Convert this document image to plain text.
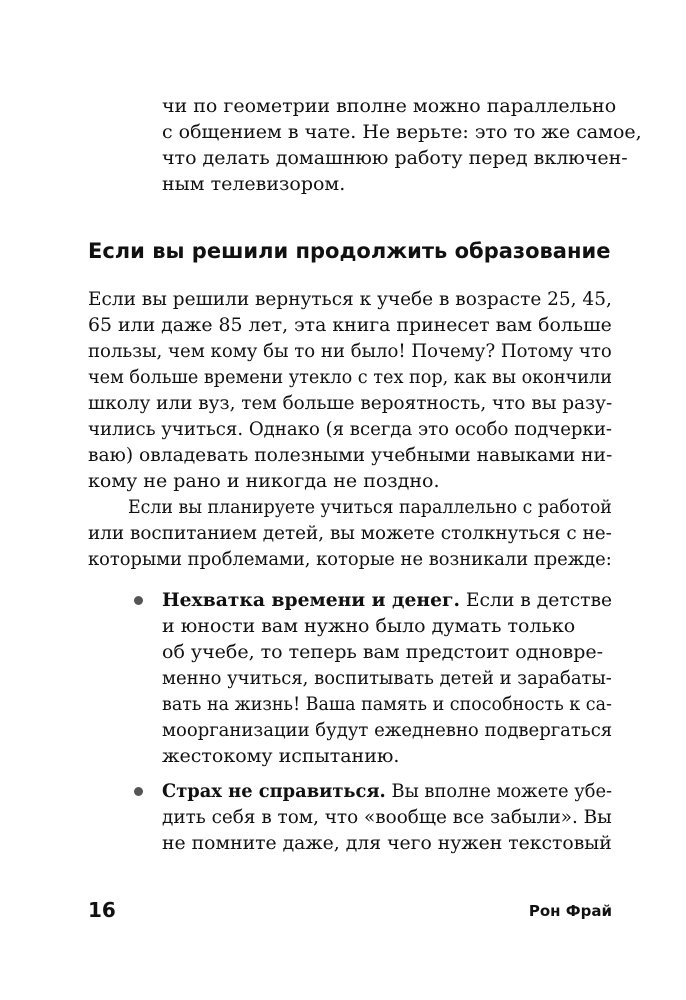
чи по геометрии вполне можно параллельно
с общением в чате. Не верьте: это то же самое,
что делать домашнюю работу перед включен-
ным телевизором.
Если вы решили продолжить образование
Если вы решили вернуться к учебе в возрасте 25, 45,
65 или даже 85 лет, эта книга принесет вам больше
пользы, чем кому бы то ни было! Почему? Потому что
чем больше времени утекло с тех пор, как вы окончили
школу или вуз, тем больше вероятность, что вы разу-
чились учиться. Однако (я всегда это особо подчерки-
ваю) овладевать полезными учебными навыками ни-
кому не рано и никогда не поздно.
Если вы планируете учиться параллельно с работой
или воспитанием детей, вы можете столкнуться с не-
которыми проблемами, которые не возникали прежде:
Нехватка времени и денег. Если в детстве
и юности вам нужно было думать только
об учебе, то теперь вам предстоит одновре-
менно учиться, воспитывать детей и зарабаты-
вать на жизнь! Ваша память и способность к са-
моорганизации будут ежедневно подвергаться
жестокому испытанию.
Страх не справиться. Вы вполне можете убе-
дить себя в том, что «вообще все забыли». Вы
не помните даже, для чего нужен текстовый
16	Рон Фрай
